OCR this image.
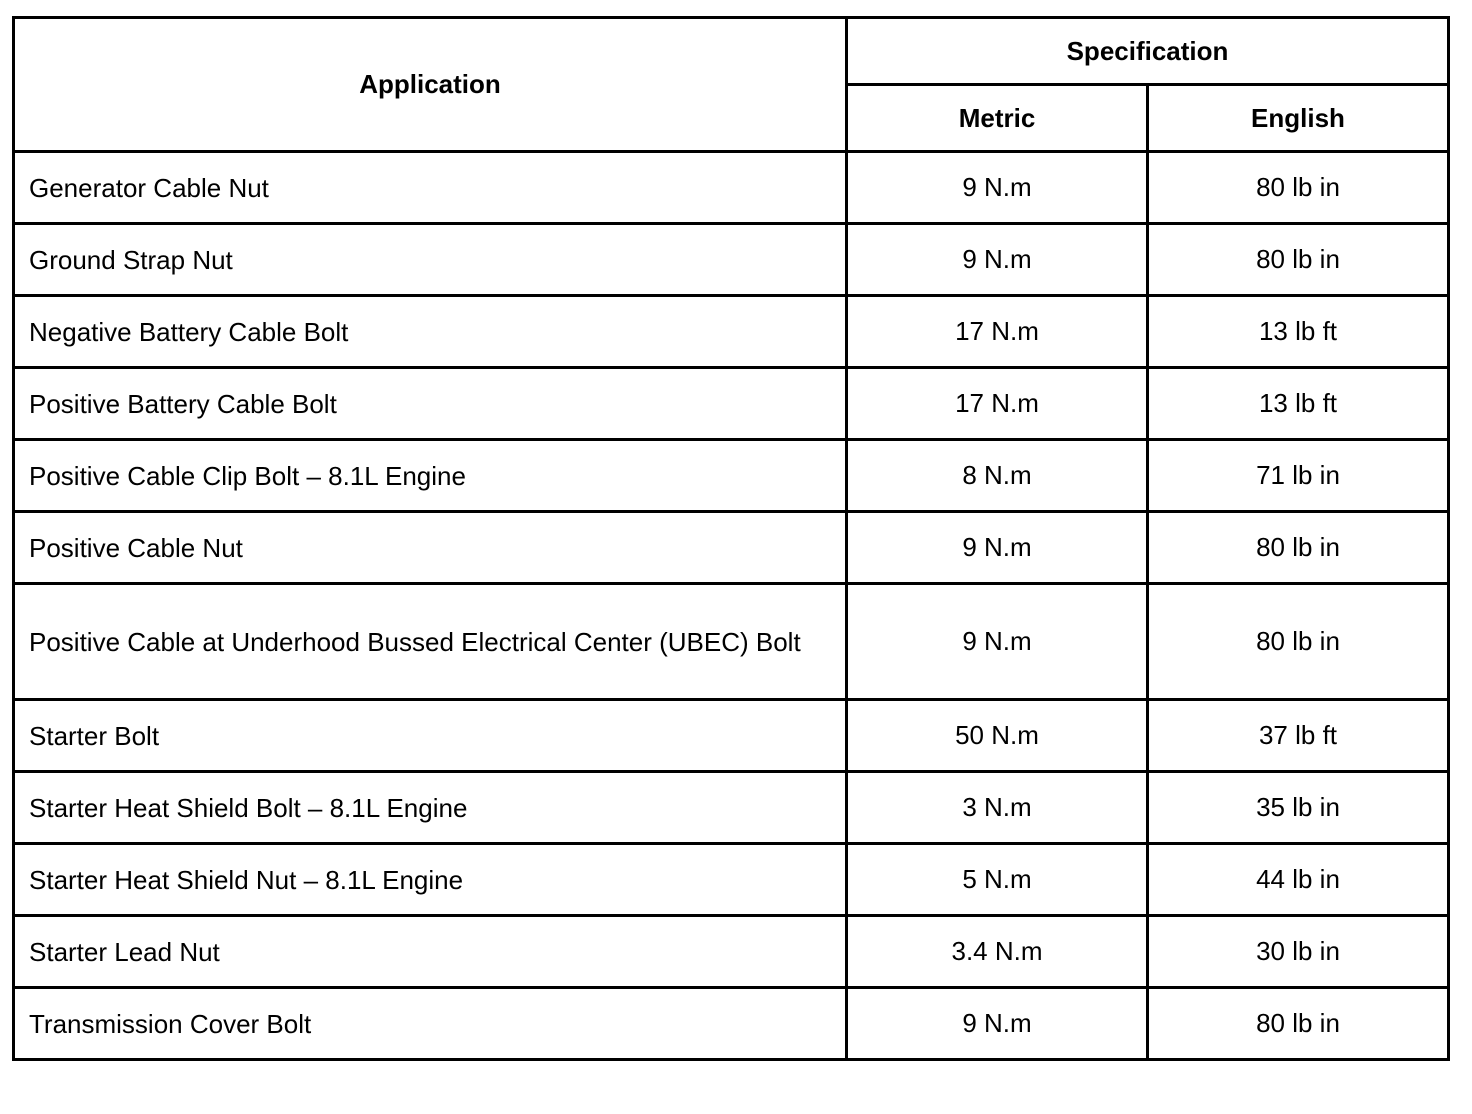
Application	Specification	
	Metric	English
Generator Cable Nut	9 N.m	80 lb in
Ground Strap Nut	9 N.m	80 lb in
Negative Battery Cable Bolt	17 N.m	13 lb ft
Positive Battery Cable Bolt	17 N.m	13 lb ft
Positive Cable Clip Bolt – 8.1L Engine	8 N.m	71 lb in
Positive Cable Nut	9 N.m	80 lb in
Positive Cable at Underhood Bussed Electrical Center (UBEC) Bolt	9 N.m	80 lb in
Starter Bolt	50 N.m	37 lb ft
Starter Heat Shield Bolt – 8.1L Engine	3 N.m	35 lb in
Starter Heat Shield Nut – 8.1L Engine	5 N.m	44 lb in
Starter Lead Nut	3.4 N.m	30 lb in
Transmission Cover Bolt	9 N.m	80 lb in
